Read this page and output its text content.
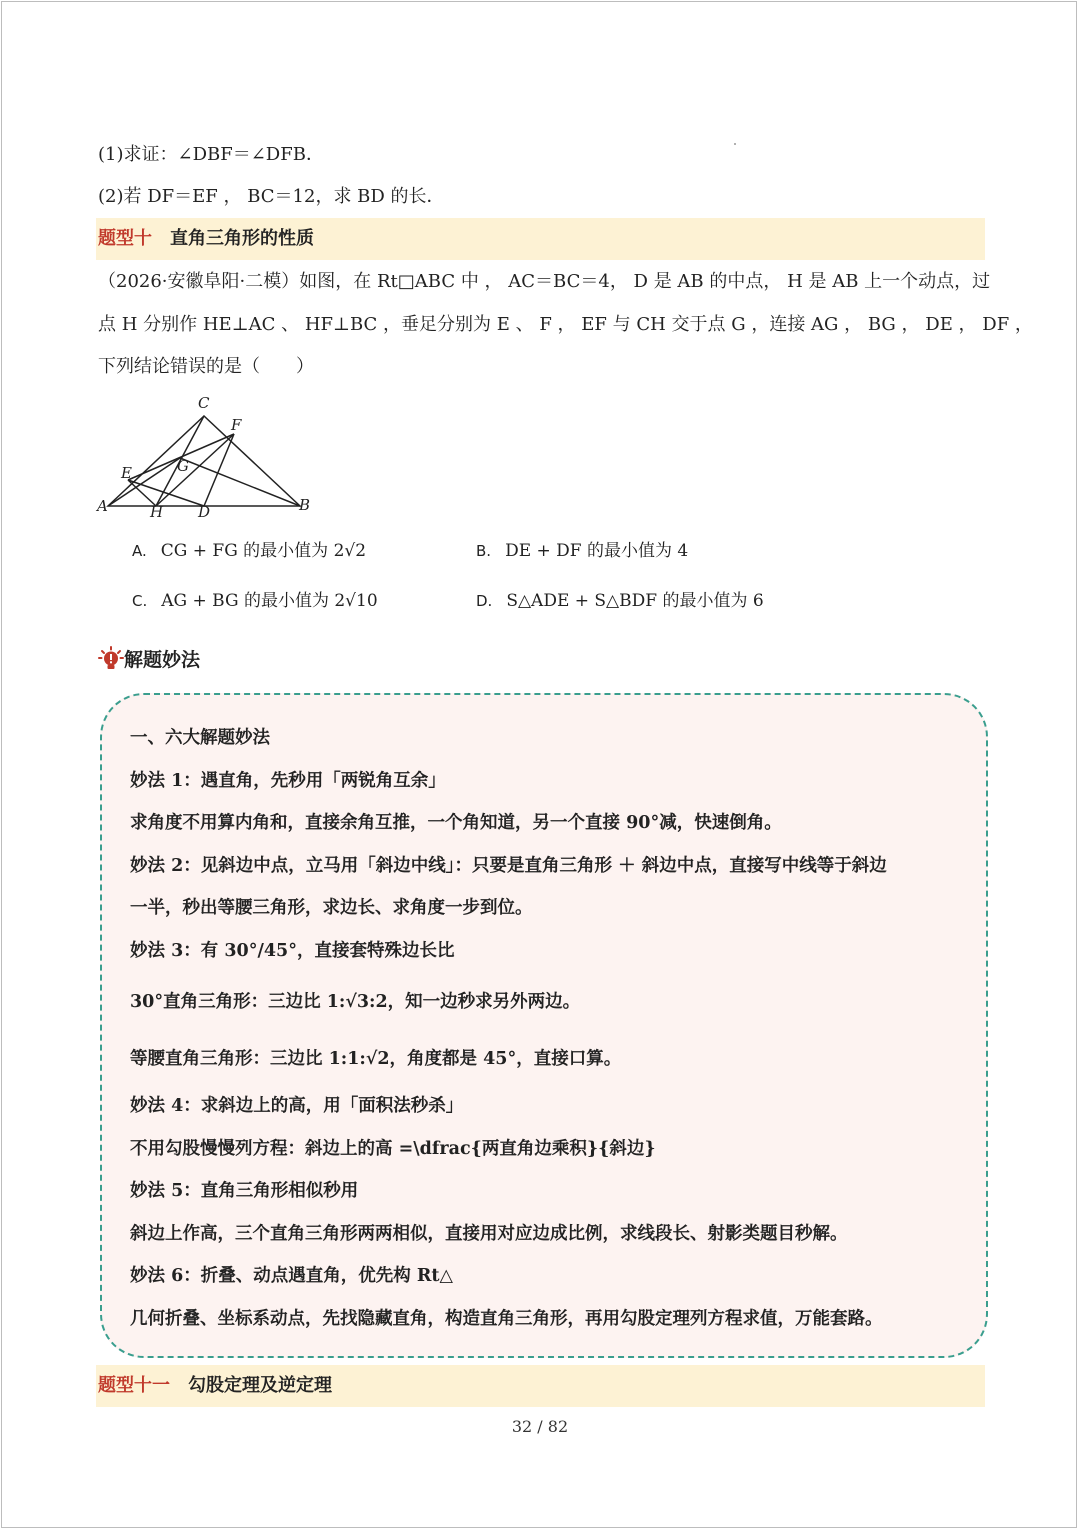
(1)求证：∠DBF＝∠DFB．
(2)若 DF＝EF ， BC＝12，求 BD 的长．
题型十 直角三角形的性质
（2026·安徽阜阳·二模）如图，在 Rt□ABC 中 ， AC＝BC＝4， D 是 AB 的中点， H 是 AB 上一个动点，过
点 H 分别作 HE⊥AC 、 HF⊥BC ，垂足分别为 E 、 F ， EF 与 CH 交于点 G ，连接 AG ， BG ， DE ， DF ，
下列结论错误的是（　　）
C
F
E	G
A	H D	B
A. CG + FG 的最小值为 2√2	B. DE + DF 的最小值为 4
C. AG + BG 的最小值为 2√10	D. S△ADE + S△BDF 的最小值为 6
解题妙法
一、六大解题妙法
妙法 1：遇直角，先秒用「两锐角互余」
求角度不用算内角和，直接余角互推，一个角知道，另一个直接 90°减，快速倒角。
妙法 2：见斜边中点，立马用「斜边中线」：只要是直角三角形 ＋ 斜边中点，直接写中线等于斜边
一半，秒出等腰三角形，求边长、求角度一步到位。
妙法 3：有 30°/45°，直接套特殊边长比
30°直角三角形：三边比 1:√3:2，知一边秒求另外两边。
等腰直角三角形：三边比 1:1:√2，角度都是 45°，直接口算。
妙法 4：求斜边上的高，用「面积法秒杀」
不用勾股慢慢列方程：斜边上的高 =\dfrac{两直角边乘积}{斜边}
妙法 5：直角三角形相似秒用
斜边上作高，三个直角三角形两两相似，直接用对应边成比例，求线段长、射影类题目秒解。
妙法 6：折叠、动点遇直角，优先构 Rt△
几何折叠、坐标系动点，先找隐藏直角，构造直角三角形，再用勾股定理列方程求值，万能套路。
题型十一 勾股定理及逆定理
32 / 82
